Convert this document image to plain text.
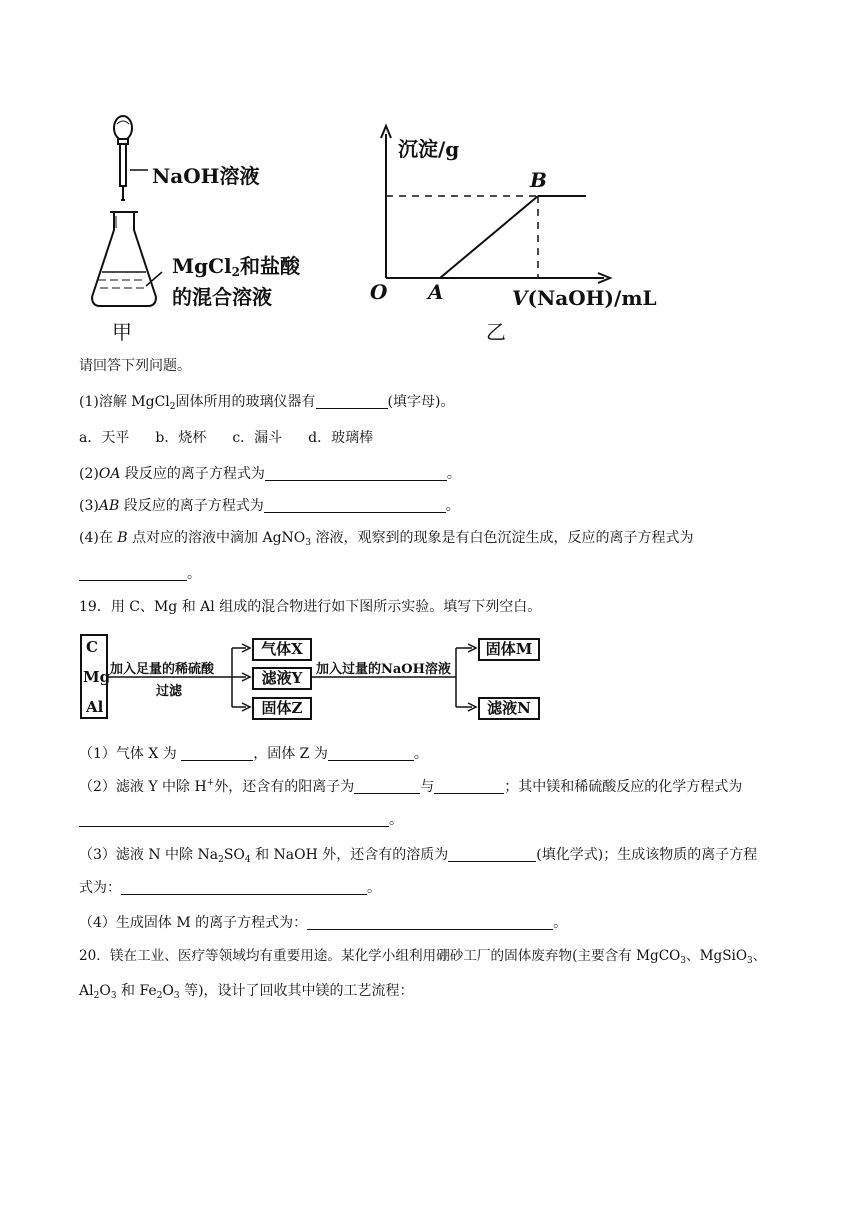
NaOH溶液
MgCl$_2$和盐酸
的混合溶液
甲
沉淀/g
B
O A	V(NaOH)/mL
乙
请回答下列问题。
(1)溶解 MgCl$_2$固体所用的玻璃仪器有	(填字母)。
a．天平 b．烧杯 c．漏斗 d．玻璃棒
(2)OA 段反应的离子方程式为	。
(3)AB 段反应的离子方程式为	。
(4)在 B 点对应的溶液中滴加 AgNO$_3$ 溶液，观察到的现象是有白色沉淀生成，反应的离子方程式为
。
19．用 C、Mg 和 Al 组成的混合物进行如下图所示实验。填写下列空白。
C
Mg
Al
加入足量的稀硫酸
过滤
气体X
滤液Y
固体Z
加入过量的NaOH溶液
固体M
滤液N
（1）气体 X 为	，固体 Z 为	。
（2）滤液 Y 中除 H+外，还含有的阳离子为	与	；其中镁和稀硫酸反应的化学方程式为
。
（3）滤液 N 中除 $Na_2SO_4$ 和 NaOH 外，还含有的溶质为	(填化学式)；生成该物质的离子方程
式为：	。
（4）生成固体 M 的离子方程式为：	。
20．镁在工业、医疗等领域均有重要用途。某化学小组利用硼砂工厂的固体废弃物(主要含有 MgCO$_3$、MgSiO$_3$、
$Al_2O_3$ 和 $Fe_2O_3$ 等)，设计了回收其中镁的工艺流程：
